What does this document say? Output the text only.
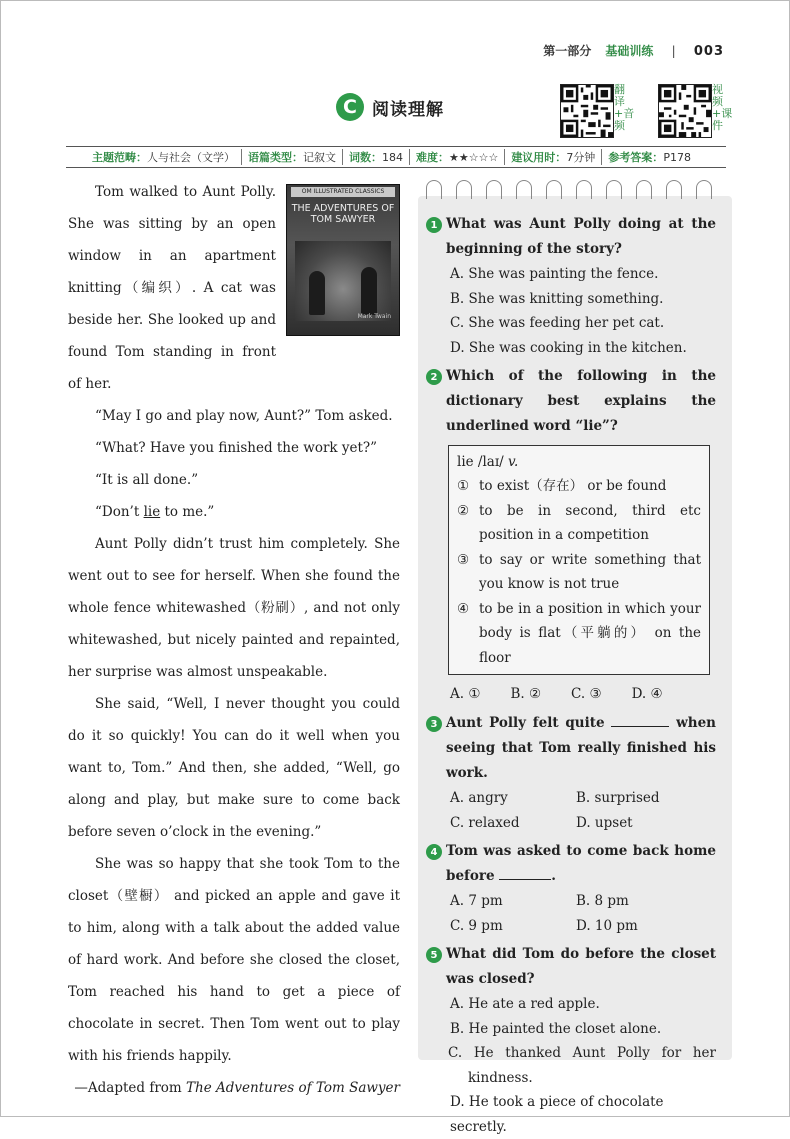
第一部分 基础训练 | 003
C 阅读理解
翻译+音频
视频+课件
主题范畴： 人与社会（文学） 语篇类型： 记叙文 词数： 184 难度： ★★☆☆☆ 建议用时： 7分钟 参考答案： P178
OM ILLUSTRATED CLASSICS
THE ADVENTURES OF TOM SAWYER
Mark Twain

Tom walked to Aunt Polly. She was sitting by an open window in an apartment knitting（编织）. A cat was beside her. She looked up and found Tom standing in front of her.

“May I go and play now, Aunt?” Tom asked.

“What? Have you finished the work yet?”

“It is all done.”

“Don’t lie to me.”

Aunt Polly didn’t trust him completely. She went out to see for herself. When she found the whole fence whitewashed（粉刷）, and not only whitewashed, but nicely painted and repainted, her surprise was almost unspeakable.

She said, “Well, I never thought you could do it so quickly! You can do it well when you want to, Tom.” And then, she added, “Well, go along and play, but make sure to come back before seven o’clock in the evening.”

She was so happy that she took Tom to the closet（壁橱） and picked an apple and gave it to him, along with a talk about the added value of hard work. And before she closed the closet, Tom reached his hand to get a piece of chocolate in secret. Then Tom went out to play with his friends happily.

—Adapted from The Adventures of Tom Sawyer

1 What was Aunt Polly doing at the beginning of the story?
A. She was painting the fence.
B. She was knitting something.
C. She was feeding her pet cat.
D. She was cooking in the kitchen.
2 Which of the following in the dictionary best explains the underlined word “lie”?
lie /laɪ/ v.
① to exist（存在） or be found
② to be in second, third etc position in a competition
③ to say or write something that you know is not true
④ to be in a position in which your body is flat（平躺的） on the floor
A. ① B. ② C. ③ D. ④
3 Aunt Polly felt quite	when seeing that Tom really finished his work.
A. angry	B. surprised
C. relaxed	D. upset
4 Tom was asked to come back home before	.
A. 7 pm	B. 8 pm
C. 9 pm	D. 10 pm
5 What did Tom do before the closet was closed?
A. He ate a red apple.
B. He painted the closet alone.
C. He thanked Aunt Polly for her kindness.
D. He took a piece of chocolate secretly.
